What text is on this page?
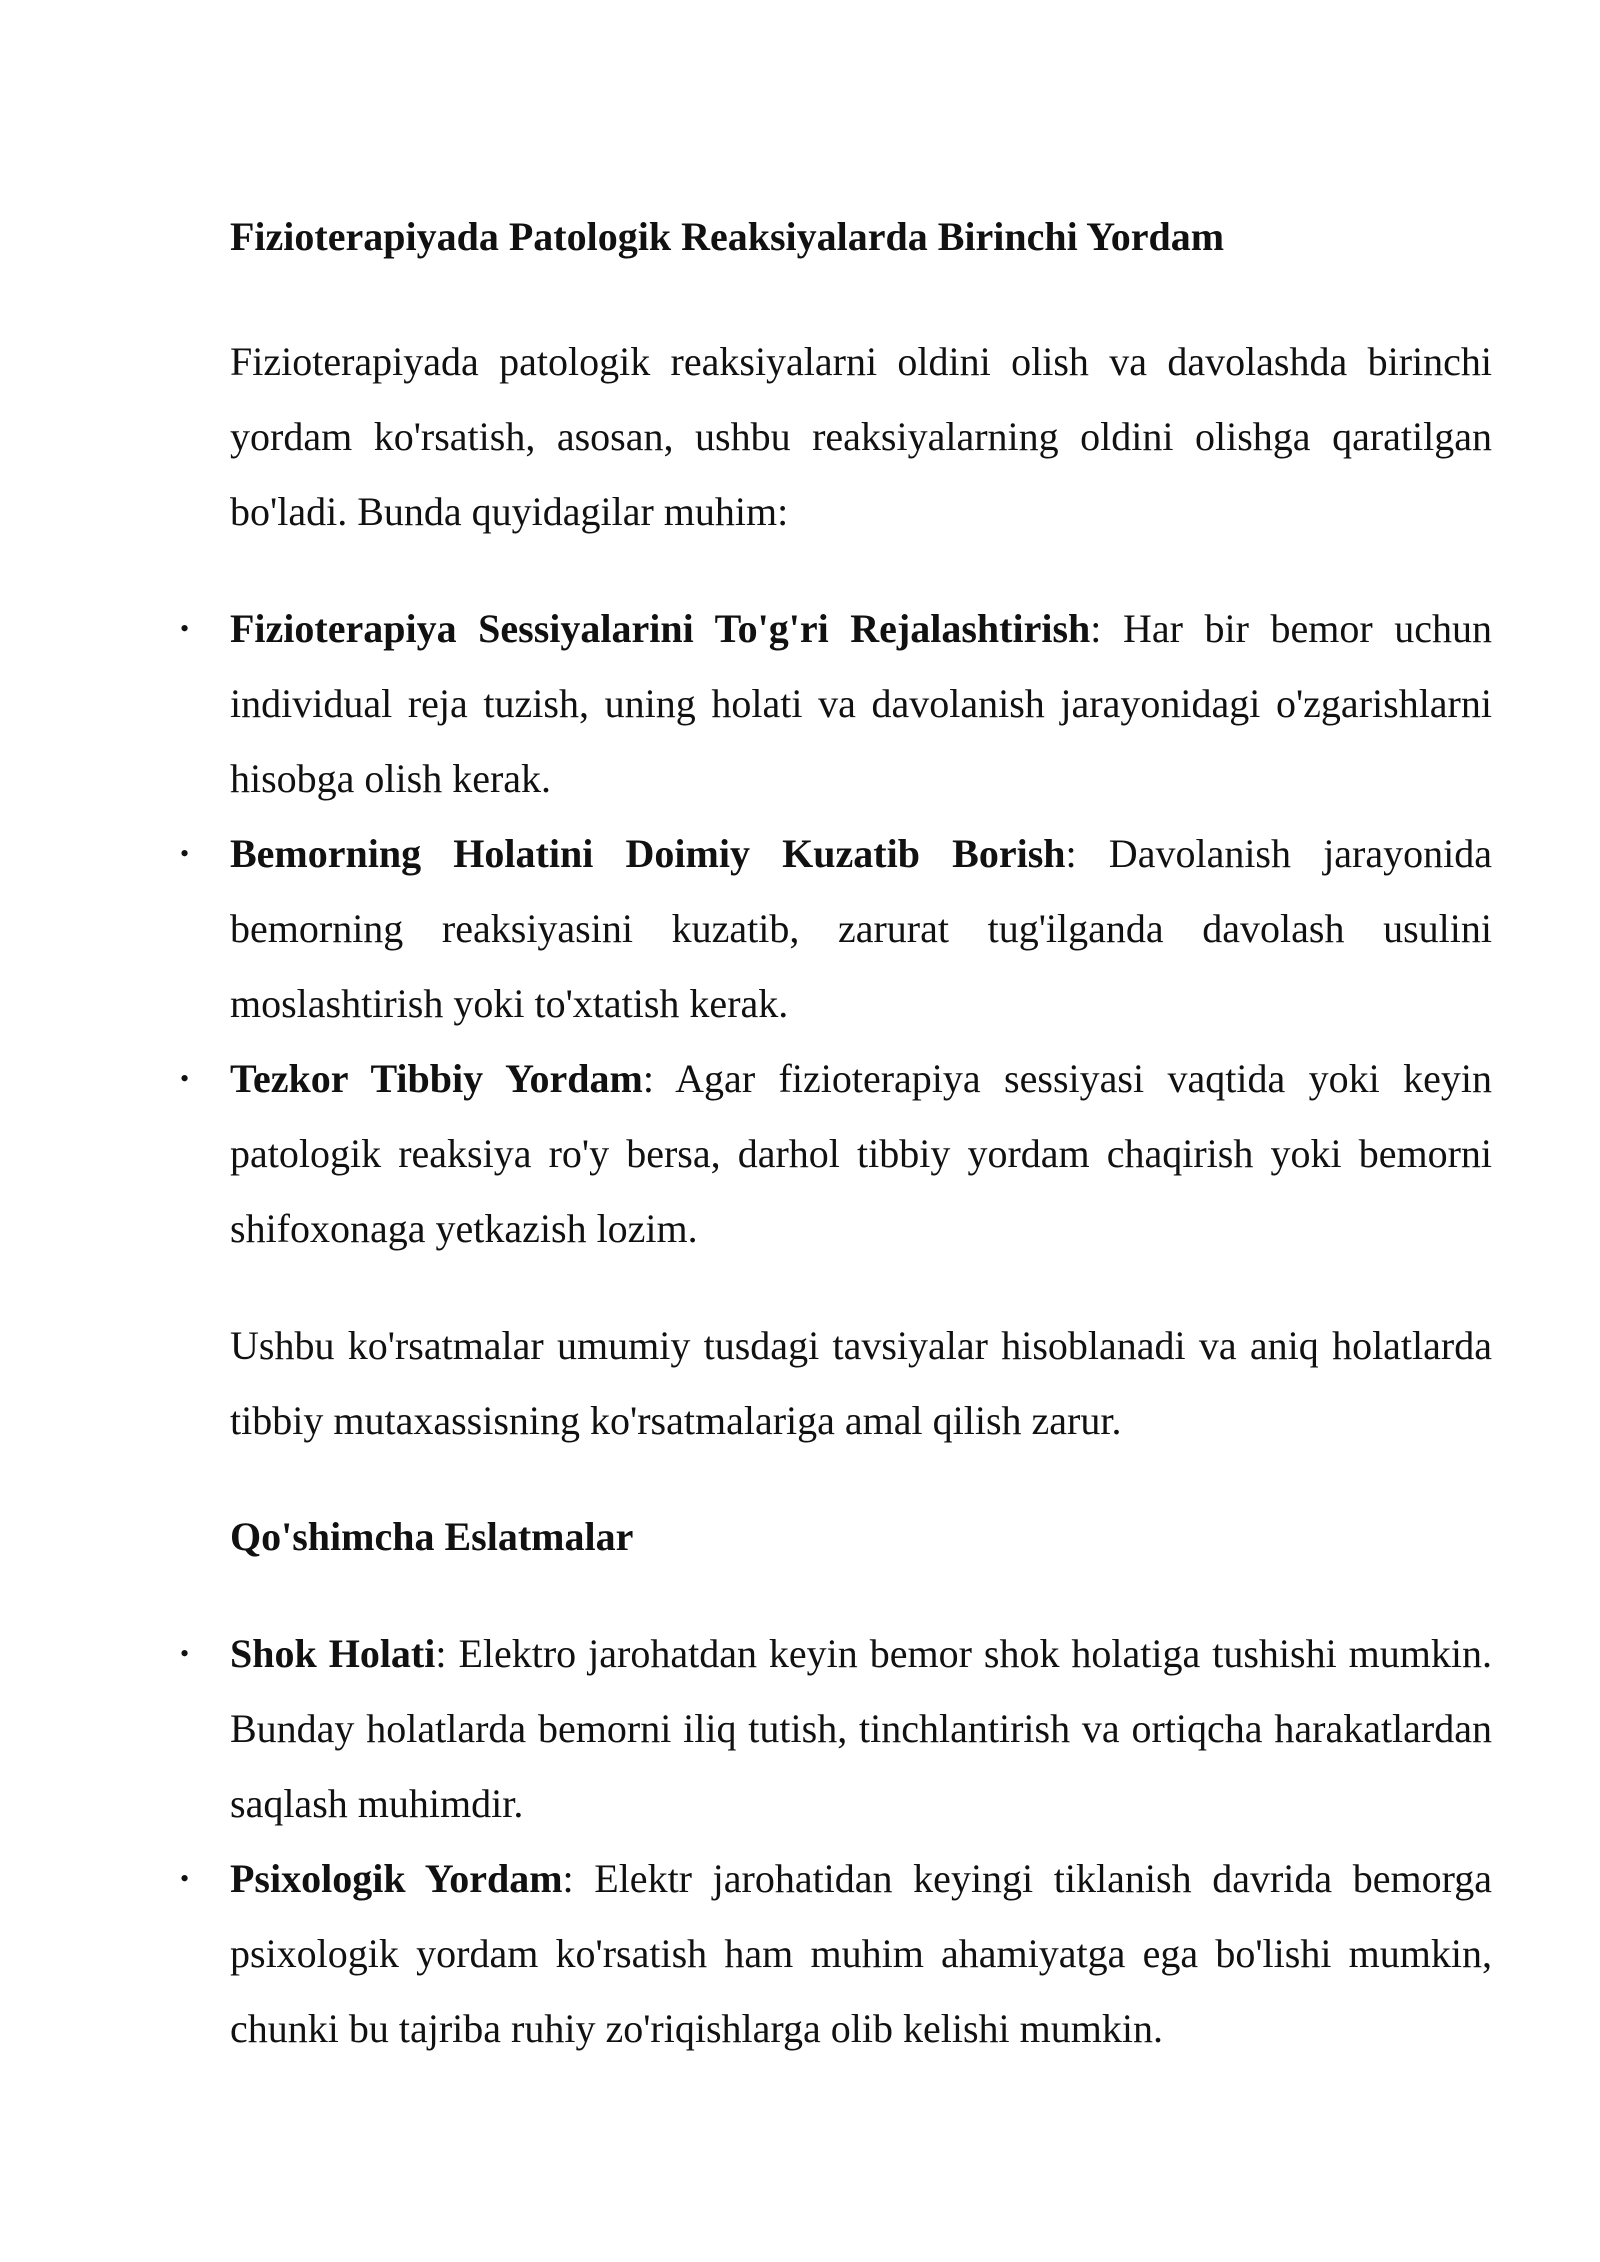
Fizioterapiyada Patologik Reaksiyalarda Birinchi Yordam

Fizioterapiyada patologik reaksiyalarni oldini olish va davolashda birinchi yordam ko'rsatish, asosan, ushbu reaksiyalarning oldini olishga qaratilgan bo'ladi. Bunda quyidagilar muhim:

• Fizioterapiya Sessiyalarini To'g'ri Rejalashtirish: Har bir bemor uchun individual reja tuzish, uning holati va davolanish jarayonidagi o'zgarishlarni hisobga olish kerak.
• Bemorning Holatini Doimiy Kuzatib Borish: Davolanish jarayonida bemorning reaksiyasini kuzatib, zarurat tug'ilganda davolash usulini moslashtirish yoki to'xtatish kerak.
• Tezkor Tibbiy Yordam: Agar fizioterapiya sessiyasi vaqtida yoki keyin patologik reaksiya ro'y bersa, darhol tibbiy yordam chaqirish yoki bemorni shifoxonaga yetkazish lozim.

Ushbu ko'rsatmalar umumiy tusdagi tavsiyalar hisoblanadi va aniq holatlarda tibbiy mutaxassisning ko'rsatmalariga amal qilish zarur.

Qo'shimcha Eslatmalar
• Shok Holati: Elektro jarohatdan keyin bemor shok holatiga tushishi mumkin. Bunday holatlarda bemorni iliq tutish, tinchlantirish va ortiqcha harakatlardan saqlash muhimdir.
• Psixologik Yordam: Elektr jarohatidan keyingi tiklanish davrida bemorga psixologik yordam ko'rsatish ham muhim ahamiyatga ega bo'lishi mumkin, chunki bu tajriba ruhiy zo'riqishlarga olib kelishi mumkin.
